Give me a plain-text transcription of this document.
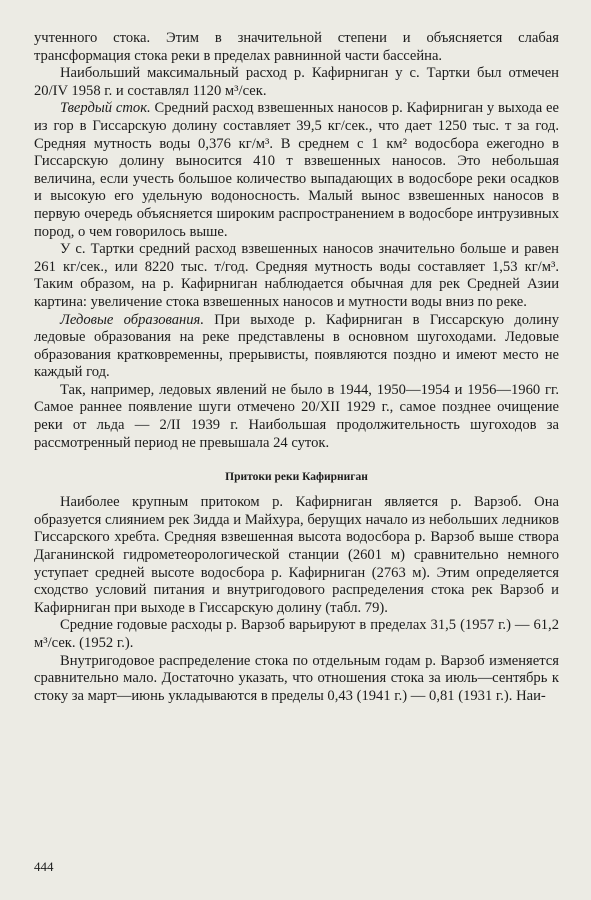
учтенного стока. Этим в значительной степени и объясняется слабая трансформация стока реки в пределах равнинной части бассейна.

Наибольший максимальный расход р. Кафирниган у с. Тартки был отмечен 20/IV 1958 г. и составлял 1120 м³/сек.

Твердый сток. Средний расход взвешенных наносов р. Кафирниган у выхода ее из гор в Гиссарскую долину составляет 39,5 кг/сек., что дает 1250 тыс. т за год. Средняя мутность воды 0,376 кг/м³. В среднем с 1 км² водосбора ежегодно в Гиссарскую долину выносится 410 т взвешенных наносов. Это небольшая величина, если учесть большое количество выпадающих в водосборе реки осадков и высокую его удельную водоносность. Малый вынос взвешенных наносов в первую очередь объясняется широким распространением в водосборе интрузивных пород, о чем говорилось выше.

У с. Тартки средний расход взвешенных наносов значительно больше и равен 261 кг/сек., или 8220 тыс. т/год. Средняя мутность воды составляет 1,53 кг/м³. Таким образом, на р. Кафирниган наблюдается обычная для рек Средней Азии картина: увеличение стока взвешенных наносов и мутности воды вниз по реке.

Ледовые образования. При выходе р. Кафирниган в Гиссарскую долину ледовые образования на реке представлены в основном шугоходами. Ледовые образования кратковременны, прерывисты, появляются поздно и имеют место не каждый год.

Так, например, ледовых явлений не было в 1944, 1950—1954 и 1956—1960 гг. Самое раннее появление шуги отмечено 20/XII 1929 г., самое позднее очищение реки от льда — 2/II 1939 г. Наибольшая продолжительность шугоходов за рассмотренный период не превышала 24 суток.

Притоки реки Кафирниган

Наиболее крупным притоком р. Кафирниган является р. Варзоб. Она образуется слиянием рек Зидда и Майхура, берущих начало из небольших ледников Гиссарского хребта. Средняя взвешенная высота водосбора р. Варзоб выше створа Даганинской гидрометеорологической станции (2601 м) сравнительно немного уступает средней высоте водосбора р. Кафирниган (2763 м). Этим определяется сходство условий питания и внутригодового распределения стока рек Варзоб и Кафирниган при выходе в Гиссарскую долину (табл. 79).

Средние годовые расходы р. Варзоб варьируют в пределах 31,5 (1957 г.) — 61,2 м³/сек. (1952 г.).

Внутригодовое распределение стока по отдельным годам р. Варзоб изменяется сравнительно мало. Достаточно указать, что отношения стока за июль—сентябрь к стоку за март—июнь укладываются в пределы 0,43 (1941 г.) — 0,81 (1931 г.). Наи-

444
